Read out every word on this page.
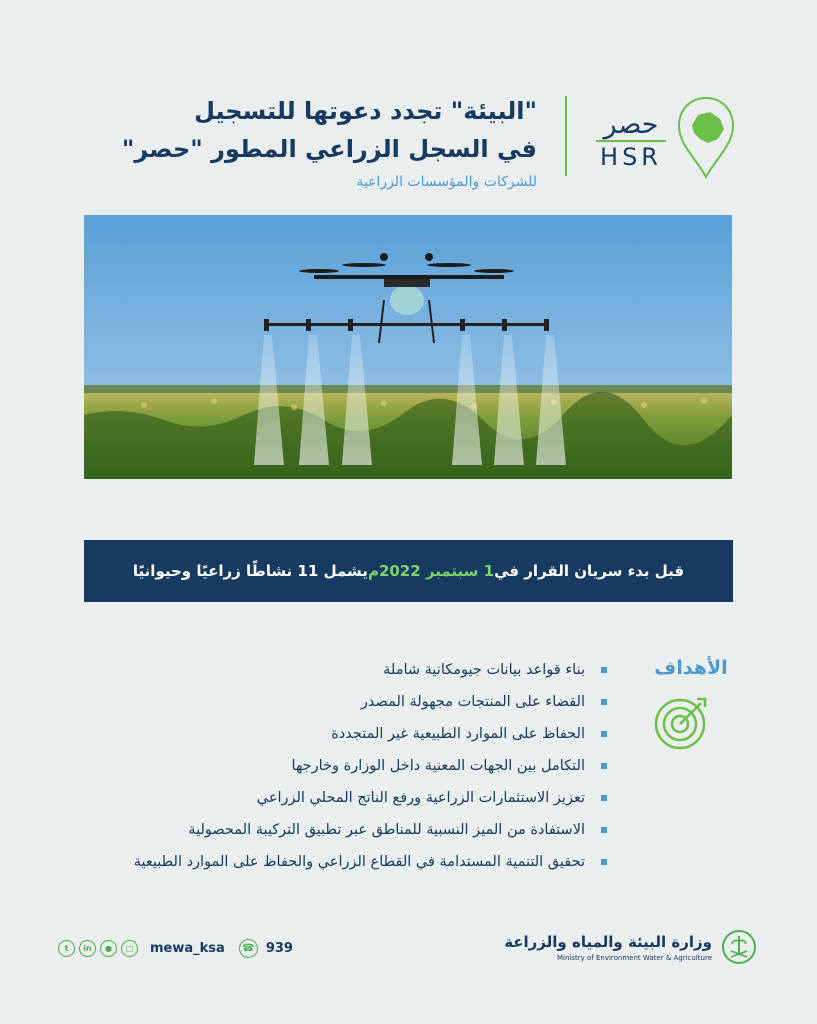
"البيئة" تجدد دعوتها للتسجيل
في السجل الزراعي المطور "حصر"
للشركات والمؤسسات الزراعية
حصر
HSR
قبل بدء سريان القرار في
1 سبتمبر 2022م
يشمل 11 نشاطًا زراعيًا وحيوانيًا
الأهداف
بناء قواعد بيانات جيومكانية شاملة
القضاء على المنتجات مجهولة المصدر
الحفاظ على الموارد الطبيعية غير المتجددة
التكامل بين الجهات المعنية داخل الوزارة وخارجها
تعزيز الاستثمارات الزراعية ورفع الناتج المحلي الزراعي
الاستفادة من الميز النسبية للمناطق عبر تطبيق التركيبة المحصولية
تحقيق التنمية المستدامة في القطاع الزراعي والحفاظ على الموارد الطبيعية
t	in	●	□	mewa_ksa	☎ 939	وزارة البيئة والمياه والزراعة
Ministry of Environment Water & Agriculture
